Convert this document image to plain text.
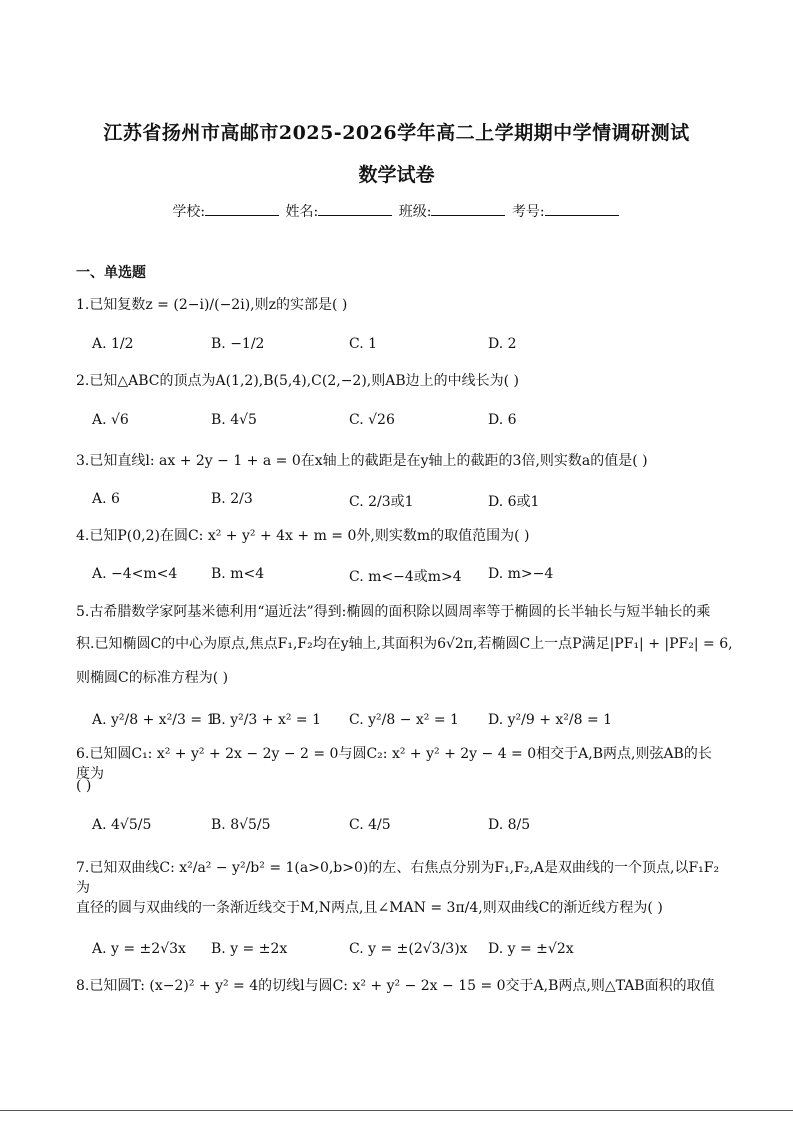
江苏省扬州市高邮市2025-2026学年高二上学期期中学情调研测试
数学试卷
学校:	姓名:	班级:	考号:
一、单选题
1.已知复数z = (2−i)/(−2i),则z的实部是( )
A. 1/2	B. −1/2	C. 1	D. 2
2.已知△ABC的顶点为A(1,2),B(5,4),C(2,−2),则AB边上的中线长为( )
A. √6	B. 4√5	C. √26	D. 6
3.已知直线l: ax + 2y − 1 + a = 0在x轴上的截距是在y轴上的截距的3倍,则实数a的值是( )
A. 6	B. 2/3	C. 2/3或1	D. 6或1
4.已知P(0,2)在圆C: x² + y² + 4x + m = 0外,则实数m的取值范围为( )
A. −4<m<4 B. m<4	C. m<−4或m>4 D. m>−4
5.古希腊数学家阿基米德利用“逼近法”得到:椭圆的面积除以圆周率等于椭圆的长半轴长与短半轴长的乘
积.已知椭圆C的中心为原点,焦点F₁,F₂均在y轴上,其面积为6√2π,若椭圆C上一点P满足|PF₁| + |PF₂| = 6,
则椭圆C的标准方程为( )
A. y²/8 + x²/3 = 1
B. y²/3 + x² = 1 C. y²/8 − x² = 1 D. y²/9 + x²/8 = 1
6.已知圆C₁: x² + y² + 2x − 2y − 2 = 0与圆C₂: x² + y² + 2y − 4 = 0相交于A,B两点,则弦AB的长度为
( )
A. 4√5/5	B. 8√5/5	C. 4/5	D. 8/5
7.已知双曲线C: x²/a² − y²/b² = 1(a>0,b>0)的左、右焦点分别为F₁,F₂,A是双曲线的一个顶点,以F₁F₂为
直径的圆与双曲线的一条渐近线交于M,N两点,且∠MAN = 3π/4,则双曲线C的渐近线方程为( )
A. y = ±2√3x B. y = ±2x	C. y = ±(2√3/3)x D. y = ±√2x
8.已知圆T: (x−2)² + y² = 4的切线l与圆C: x² + y² − 2x − 15 = 0交于A,B两点,则△TAB面积的取值
